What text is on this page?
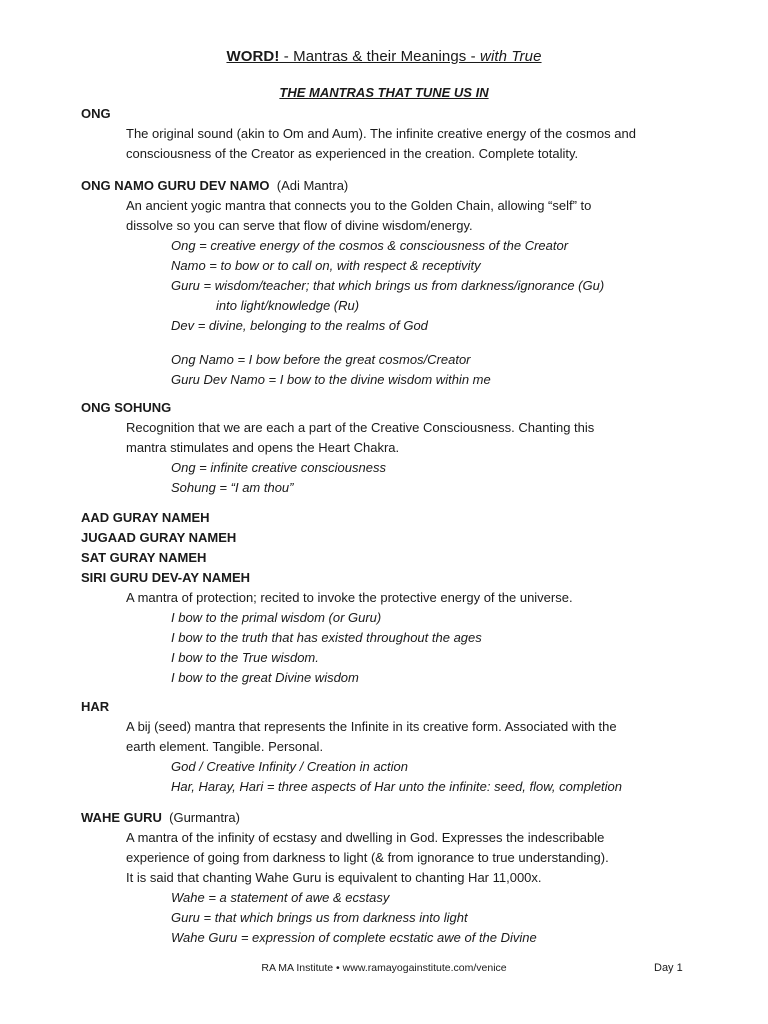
WORD! - Mantras & their Meanings - with True
THE MANTRAS THAT TUNE US IN
ONG
The original sound (akin to Om and Aum). The infinite creative energy of the cosmos and
consciousness of the Creator as experienced in the creation. Complete totality.
ONG NAMO GURU DEV NAMO (Adi Mantra)
An ancient yogic mantra that connects you to the Golden Chain, allowing “self” to
dissolve so you can serve that flow of divine wisdom/energy.
Ong = creative energy of the cosmos & consciousness of the Creator
Namo = to bow or to call on, with respect & receptivity
Guru = wisdom/teacher; that which brings us from darkness/ignorance (Gu)
into light/knowledge (Ru)
Dev = divine, belonging to the realms of God
Ong Namo = I bow before the great cosmos/Creator
Guru Dev Namo = I bow to the divine wisdom within me
ONG SOHUNG
Recognition that we are each a part of the Creative Consciousness. Chanting this
mantra stimulates and opens the Heart Chakra.
Ong = infinite creative consciousness
Sohung = “I am thou”
AAD GURAY NAMEH
JUGAAD GURAY NAMEH
SAT GURAY NAMEH
SIRI GURU DEV-AY NAMEH
A mantra of protection; recited to invoke the protective energy of the universe.
I bow to the primal wisdom (or Guru)
I bow to the truth that has existed throughout the ages
I bow to the True wisdom.
I bow to the great Divine wisdom
HAR
A bij (seed) mantra that represents the Infinite in its creative form. Associated with the
earth element. Tangible. Personal.
God / Creative Infinity / Creation in action
Har, Haray, Hari = three aspects of Har unto the infinite: seed, flow, completion
WAHE GURU (Gurmantra)
A mantra of the infinity of ecstasy and dwelling in God. Expresses the indescribable
experience of going from darkness to light (& from ignorance to true understanding).
It is said that chanting Wahe Guru is equivalent to chanting Har 11,000x.
Wahe = a statement of awe & ecstasy
Guru = that which brings us from darkness into light
Wahe Guru = expression of complete ecstatic awe of the Divine
RA MA Institute • www.ramayogainstitute.com/venice	Day 1
